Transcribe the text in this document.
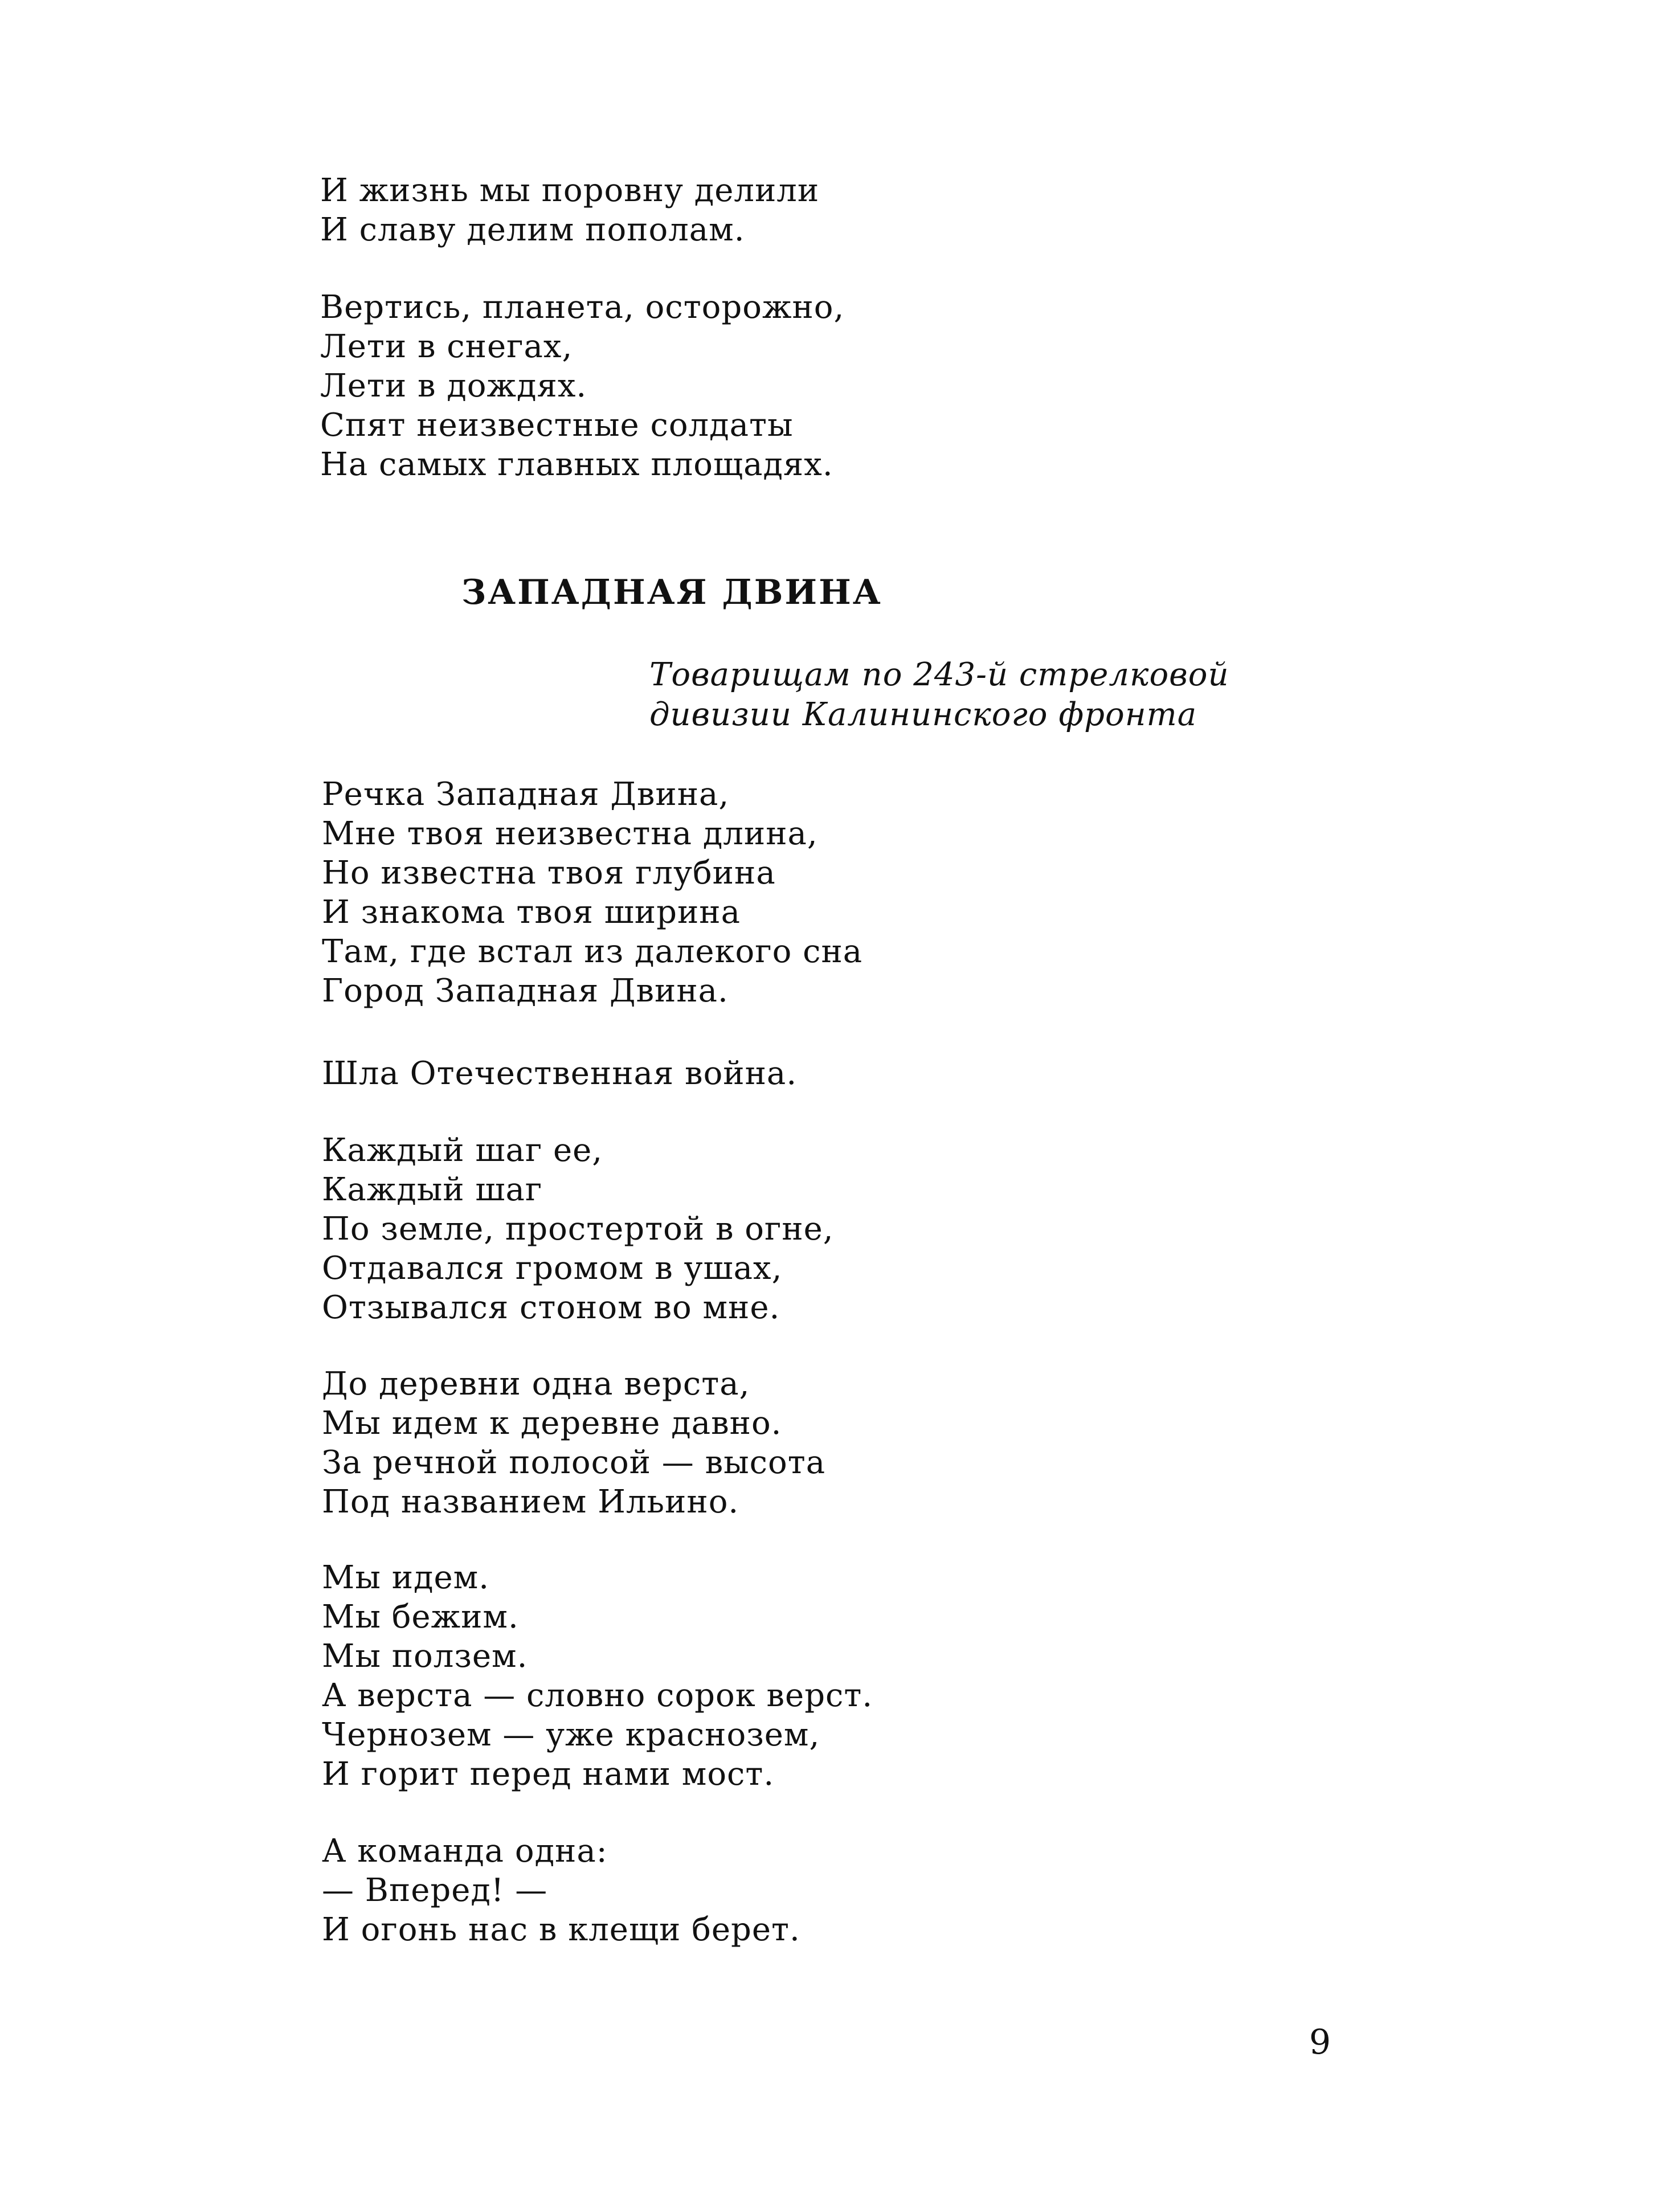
И жизнь мы поровну делили
И славу делим пополам.
Вертись, планета, осторожно,
Лети в снегах,
Лети в дождях.
Спят неизвестные солдаты
На самых главных площадях.
ЗАПАДНАЯ ДВИНА
Товарищам по 243-й стрелковой
дивизии Калининского фронта
Речка Западная Двина,
Мне твоя неизвестна длина,
Но известна твоя глубина
И знакома твоя ширина
Там, где встал из далекого сна
Город Западная Двина.
Шла Отечественная война.
Каждый шаг ее,
Каждый шаг
По земле, простертой в огне,
Отдавался громом в ушах,
Отзывался стоном во мне.
До деревни одна верста,
Мы идем к деревне давно.
За речной полосой — высота
Под названием Ильино.
Мы идем.
Мы бежим.
Мы ползем.
А верста — словно сорок верст.
Чернозем — уже краснозем,
И горит перед нами мост.
А команда одна:
— Вперед! —
И огонь нас в клещи берет.
9
